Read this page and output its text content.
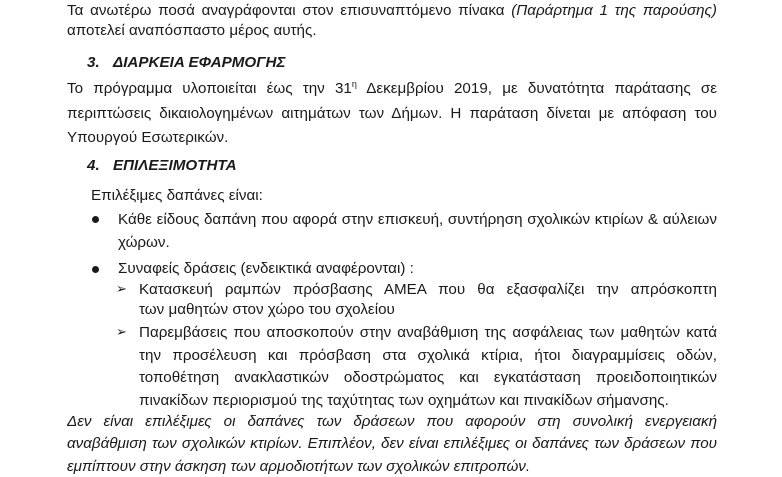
Τα ανωτέρω ποσά αναγράφονται στον επισυναπτόμενο πίνακα (Παράρτημα 1 της παρούσης)
αποτελεί αναπόσπαστο μέρος αυτής.
3. ΔΙΑΡΚΕΙΑ ΕΦΑΡΜΟΓΗΣ
Το πρόγραμμα υλοποιείται έως την $31^\eta$ Δεκεμβρίου 2019, με δυνατότητα παράτασης σε
περιπτώσεις δικαιολογημένων αιτημάτων των Δήμων. Η παράταση δίνεται με απόφαση του
Υπουργού Εσωτερικών.
4. ΕΠΙΛΕΞΙΜΟΤΗΤΑ
Επιλέξιμες δαπάνες είναι:
Κάθε είδους δαπάνη που αφορά στην επισκευή, συντήρηση σχολικών κτιρίων & αύλειων
χώρων.
Συναφείς δράσεις (ενδεικτικά αναφέρονται) :
➢ Κατασκευή ραμπών πρόσβασης ΑΜΕΑ που θα εξασφαλίζει την απρόσκοπτη
των μαθητών στον χώρο του σχολείου
➢ Παρεμβάσεις που αποσκοπούν στην αναβάθμιση της ασφάλειας των μαθητών κατά
την προσέλευση και πρόσβαση στα σχολικά κτίρια, ήτοι διαγραμμίσεις οδών,
τοποθέτηση ανακλαστικών οδοστρώματος και εγκατάσταση προειδοποιητικών
πινακίδων περιορισμού της ταχύτητας των οχημάτων και πινακίδων σήμανσης.
Δεν είναι επιλέξιμες οι δαπάνες των δράσεων που αφορούν στη συνολική ενεργειακή
αναβάθμιση των σχολικών κτιρίων. Επιπλέον, δεν είναι επιλέξιμες οι δαπάνες των δράσεων που
εμπίπτουν στην άσκηση των αρμοδιοτήτων των σχολικών επιτροπών.
